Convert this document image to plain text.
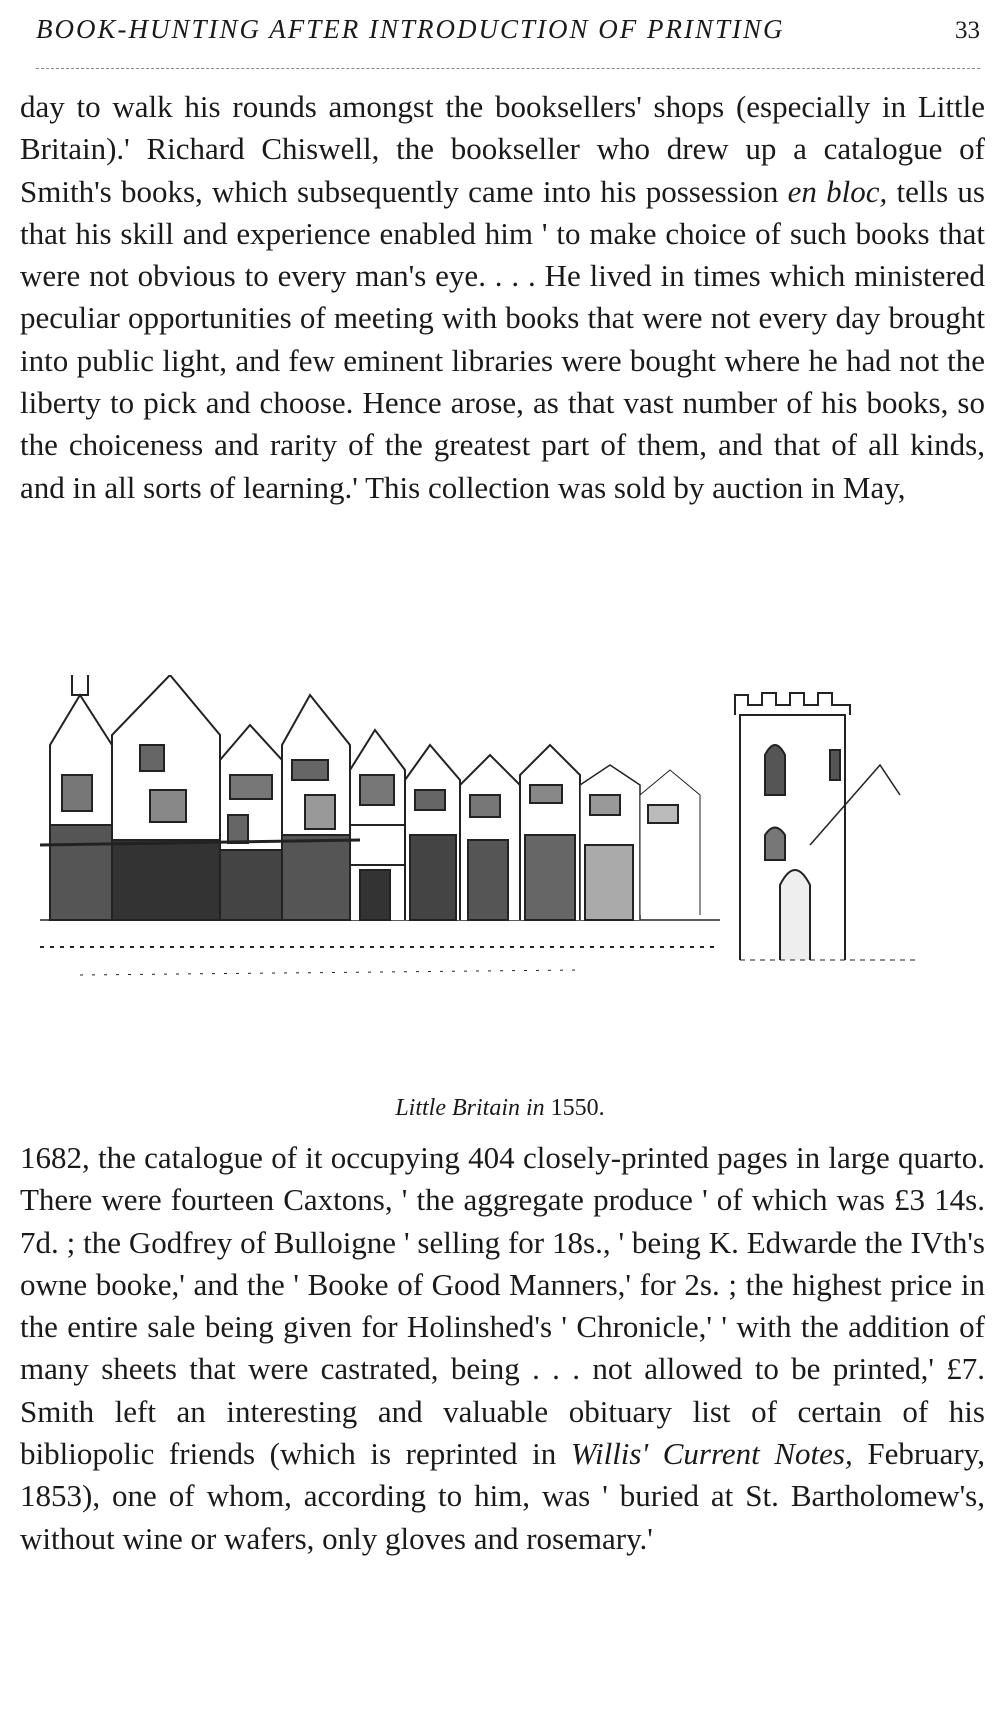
BOOK-HUNTING AFTER INTRODUCTION OF PRINTING	33

day to walk his rounds amongst the booksellers' shops (especially in Little Britain).' Richard Chiswell, the bookseller who drew up a catalogue of Smith's books, which subsequently came into his possession en bloc, tells us that his skill and experience enabled him ' to make choice of such books that were not obvious to every man's eye. . . . He lived in times which ministered peculiar opportunities of meeting with books that were not every day brought into public light, and few eminent libraries were bought where he had not the liberty to pick and choose. Hence arose, as that vast number of his books, so the choiceness and rarity of the greatest part of them, and that of all kinds, and in all sorts of learning.' This collection was sold by auction in May,

Little Britain in 1550.

1682, the catalogue of it occupying 404 closely-printed pages in large quarto. There were fourteen Caxtons, ' the aggregate produce ' of which was £3 14s. 7d. ; the Godfrey of Bulloigne ' selling for 18s., ' being K. Edwarde the IVth's owne booke,' and the ' Booke of Good Manners,' for 2s. ; the highest price in the entire sale being given for Holinshed's ' Chronicle,' ' with the addition of many sheets that were castrated, being . . . not allowed to be printed,' £7. Smith left an interesting and valuable obituary list of certain of his bibliopolic friends (which is reprinted in Willis' Current Notes, February, 1853), one of whom, according to him, was ' buried at St. Bartholomew's, without wine or wafers, only gloves and rosemary.'
